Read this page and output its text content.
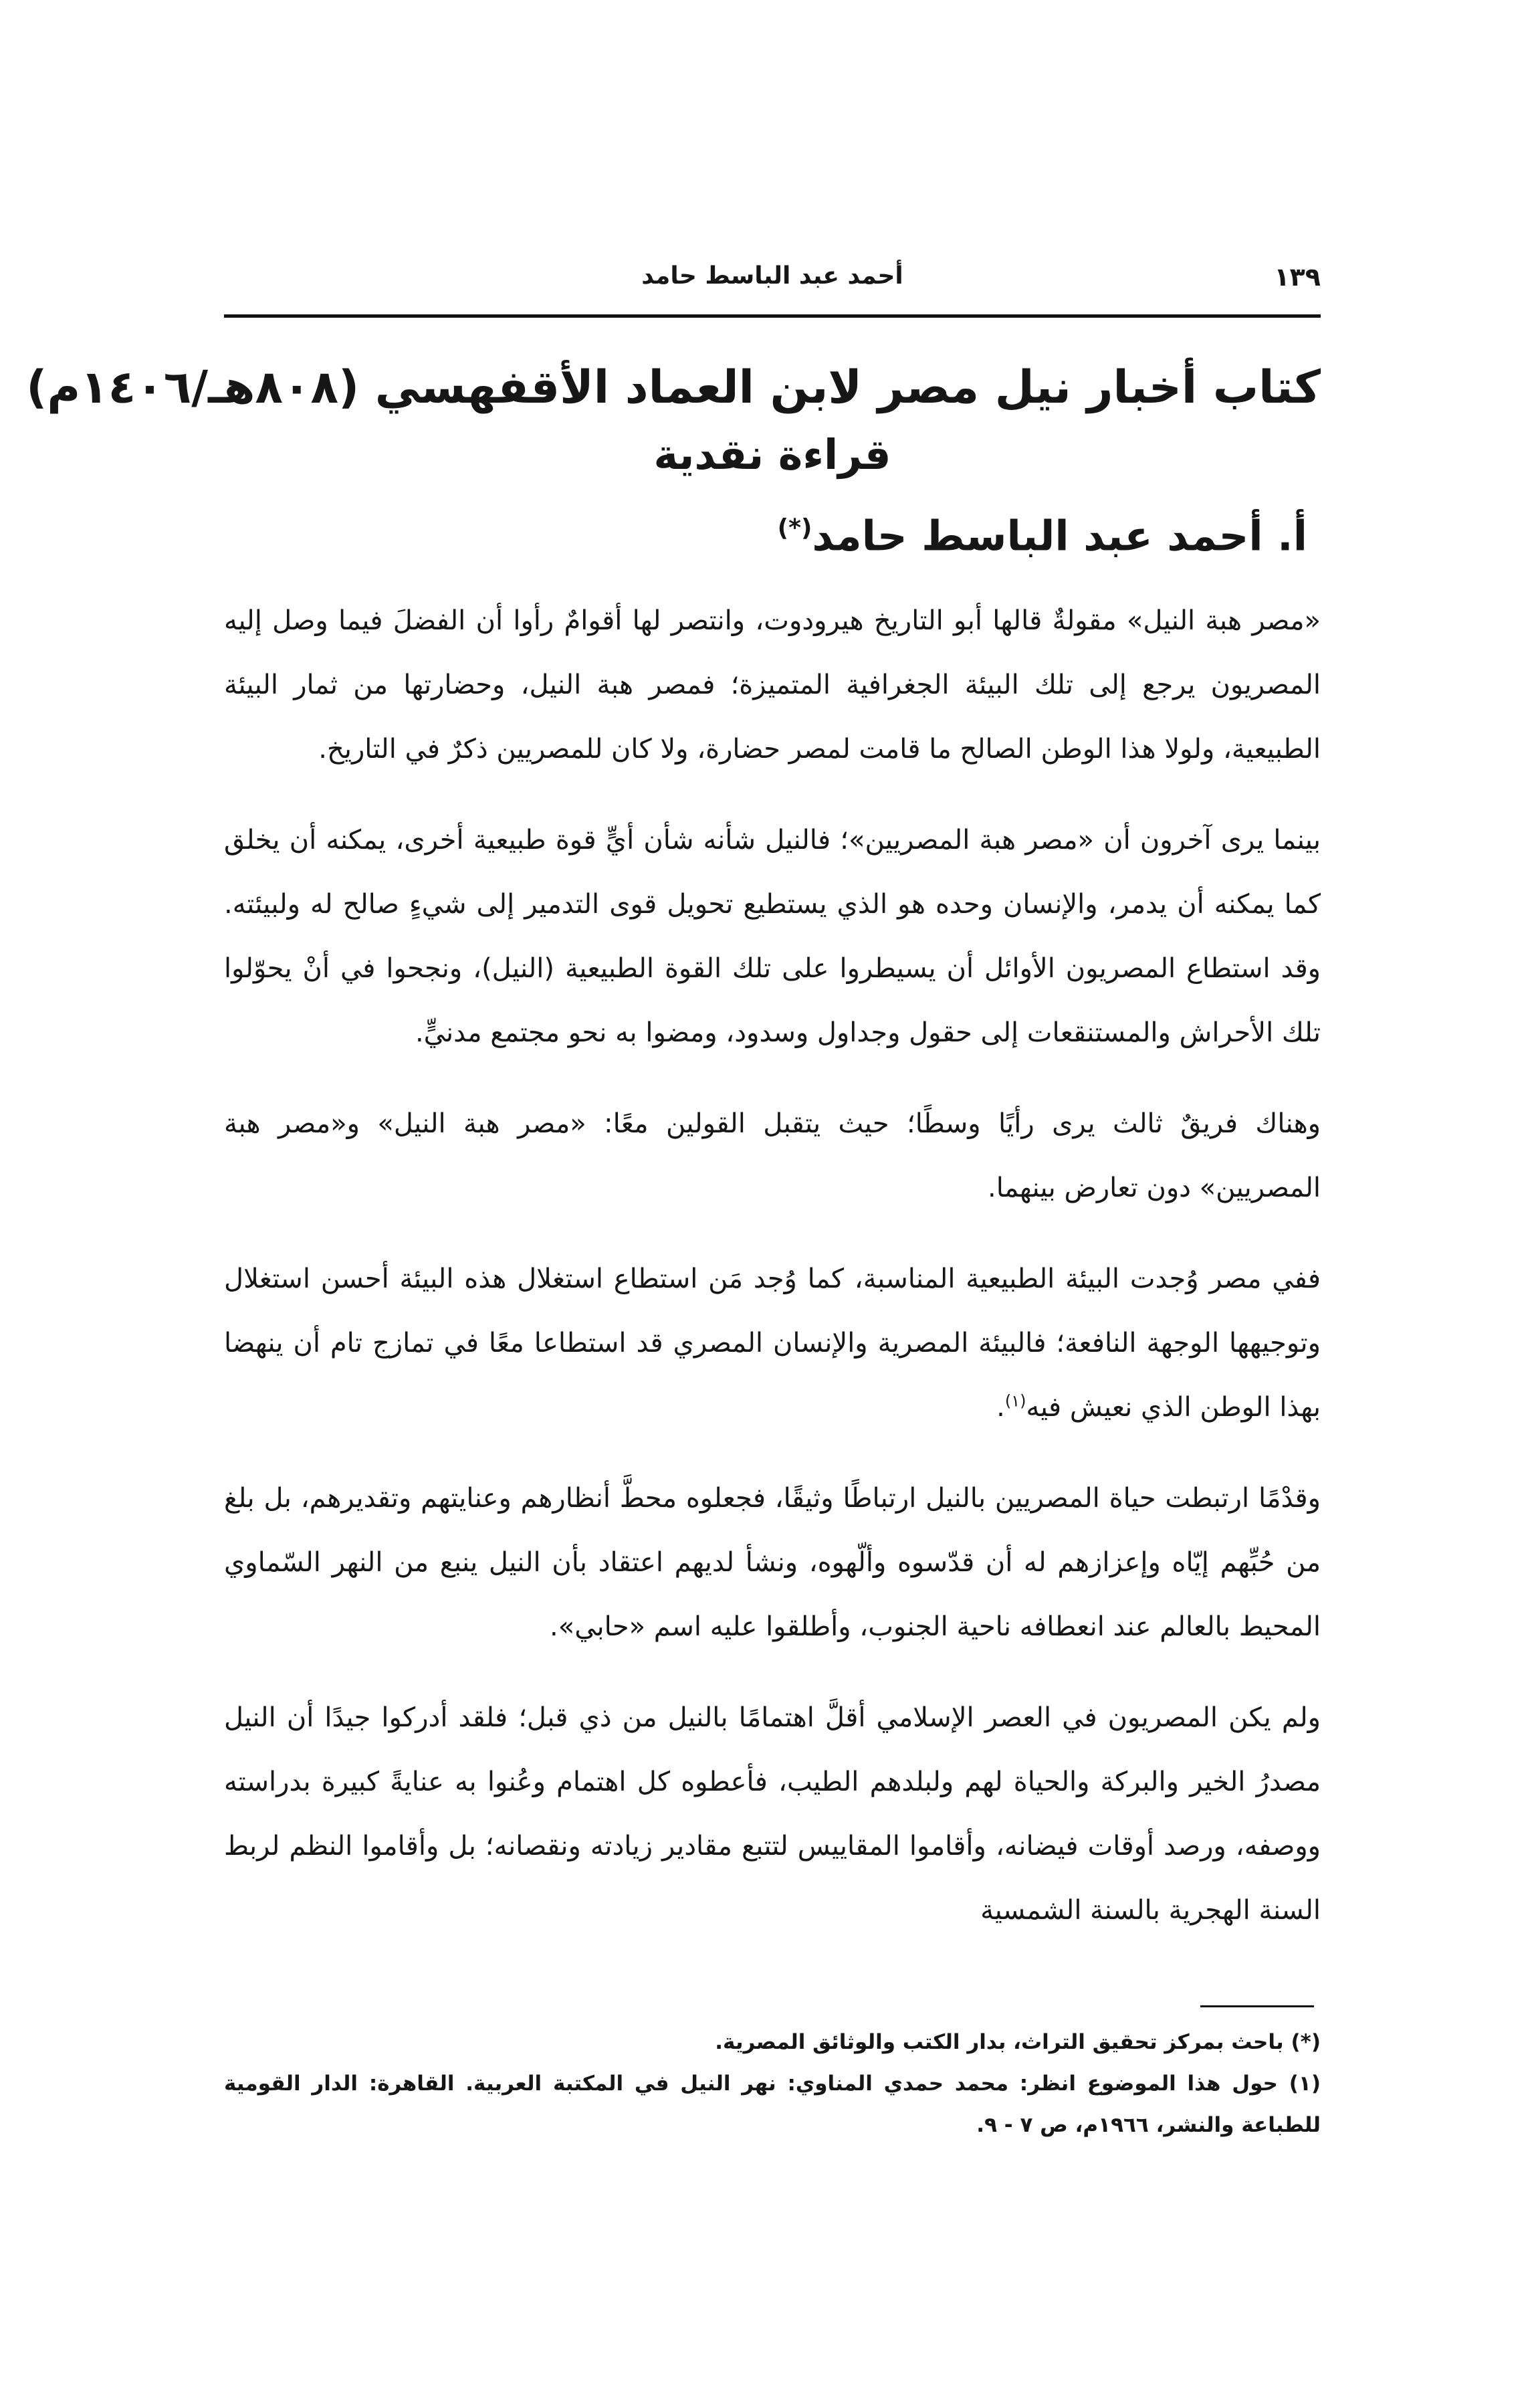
١٣٩
أحمد عبد الباسط حامد
كتاب أخبار نيل مصر لابن العماد الأقفهسي (٨٠٨هـ/١٤٠٦م)
قراءة نقدية
أ. أحمد عبد الباسط حامد(*)

«مصر هبة النيل» مقولةٌ قالها أبو التاريخ هيرودوت، وانتصر لها أقوامٌ رأوا أن الفضلَ فيما وصل إليه المصريون يرجع إلى تلك البيئة الجغرافية المتميزة؛ فمصر هبة النيل، وحضارتها من ثمار البيئة الطبيعية، ولولا هذا الوطن الصالح ما قامت لمصر حضارة، ولا كان للمصريين ذكرٌ في التاريخ.

بينما يرى آخرون أن «مصر هبة المصريين»؛ فالنيل شأنه شأن أيٍّ قوة طبيعية أخرى، يمكنه أن يخلق كما يمكنه أن يدمر، والإنسان وحده هو الذي يستطيع تحويل قوى التدمير إلى شيءٍ صالح له ولبيئته. وقد استطاع المصريون الأوائل أن يسيطروا على تلك القوة الطبيعية (النيل)، ونجحوا في أنْ يحوّلوا تلك الأحراش والمستنقعات إلى حقول وجداول وسدود، ومضوا به نحو مجتمع مدنيٍّ.

وهناك فريقٌ ثالث يرى رأيًا وسطًا؛ حيث يتقبل القولين معًا: «مصر هبة النيل» و«مصر هبة المصريين» دون تعارض بينهما.

ففي مصر وُجدت البيئة الطبيعية المناسبة، كما وُجد مَن استطاع استغلال هذه البيئة أحسن استغلال وتوجيهها الوجهة النافعة؛ فالبيئة المصرية والإنسان المصري قد استطاعا معًا في تمازج تام أن ينهضا بهذا الوطن الذي نعيش فيه$^{(١)}$.

وقدْمًا ارتبطت حياة المصريين بالنيل ارتباطًا وثيقًا، فجعلوه محطَّ أنظارهم وعنايتهم وتقديرهم، بل بلغ من حُبِّهم إيّاه وإعزازهم له أن قدّسوه وألّهوه، ونشأ لديهم اعتقاد بأن النيل ينبع من النهر السّماوي المحيط بالعالم عند انعطافه ناحية الجنوب، وأطلقوا عليه اسم «حابي».

ولم يكن المصريون في العصر الإسلامي أقلَّ اهتمامًا بالنيل من ذي قبل؛ فلقد أدركوا جيدًا أن النيل مصدرُ الخير والبركة والحياة لهم ولبلدهم الطيب، فأعطوه كل اهتمام وعُنوا به عنايةً كبيرة بدراسته ووصفه، ورصد أوقات فيضانه، وأقاموا المقاييس لتتبع مقادير زيادته ونقصانه؛ بل وأقاموا النظم لربط السنة الهجرية بالسنة الشمسية

(*) باحث بمركز تحقيق التراث، بدار الكتب والوثائق المصرية.

(١) حول هذا الموضوع انظر: محمد حمدي المناوي: نهر النيل في المكتبة العربية. القاهرة: الدار القومية للطباعة والنشر، ١٩٦٦م، ص ٧ - ٩.
